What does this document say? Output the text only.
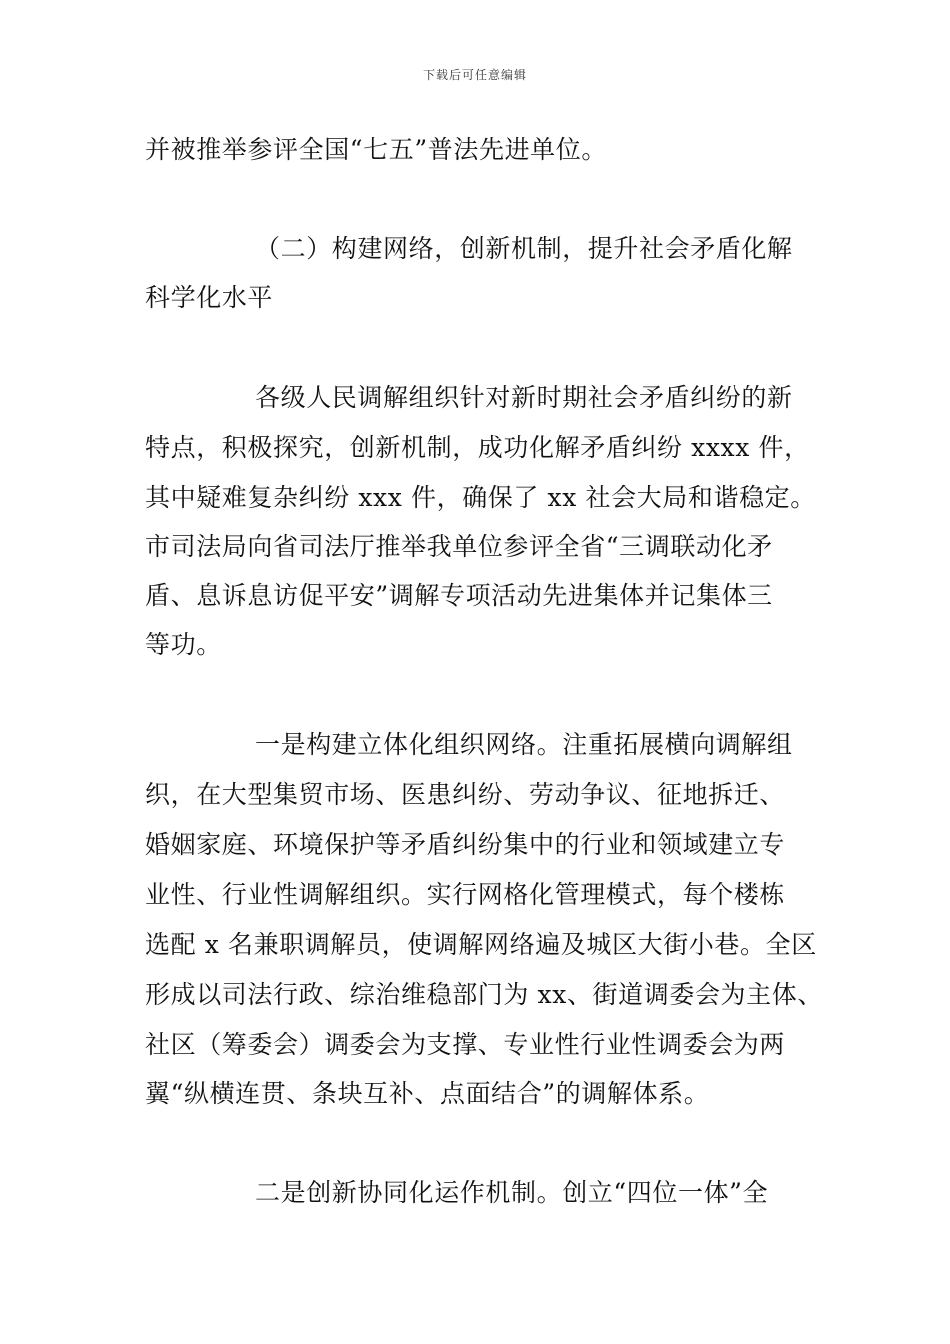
下载后可任意编辑
并被推举参评全国“七五”普法先进单位。
（二）构建网络，创新机制，提升社会矛盾化解
科学化水平
各级人民调解组织针对新时期社会矛盾纠纷的新
特点，积极探究，创新机制，成功化解矛盾纠纷 xxxx 件，
其中疑难复杂纠纷 xxx 件，确保了 xx 社会大局和谐稳定。
市司法局向省司法厅推举我单位参评全省“三调联动化矛
盾、息诉息访促平安”调解专项活动先进集体并记集体三
等功。
一是构建立体化组织网络。注重拓展横向调解组
织，在大型集贸市场、医患纠纷、劳动争议、征地拆迁、
婚姻家庭、环境保护等矛盾纠纷集中的行业和领域建立专
业性、行业性调解组织。实行网格化管理模式，每个楼栋
选配 x 名兼职调解员，使调解网络遍及城区大街小巷。全区
形成以司法行政、综治维稳部门为 xx、街道调委会为主体、
社区（筹委会）调委会为支撑、专业性行业性调委会为两
翼“纵横连贯、条块互补、点面结合”的调解体系。
二是创新协同化运作机制。创立“四位一体”全
